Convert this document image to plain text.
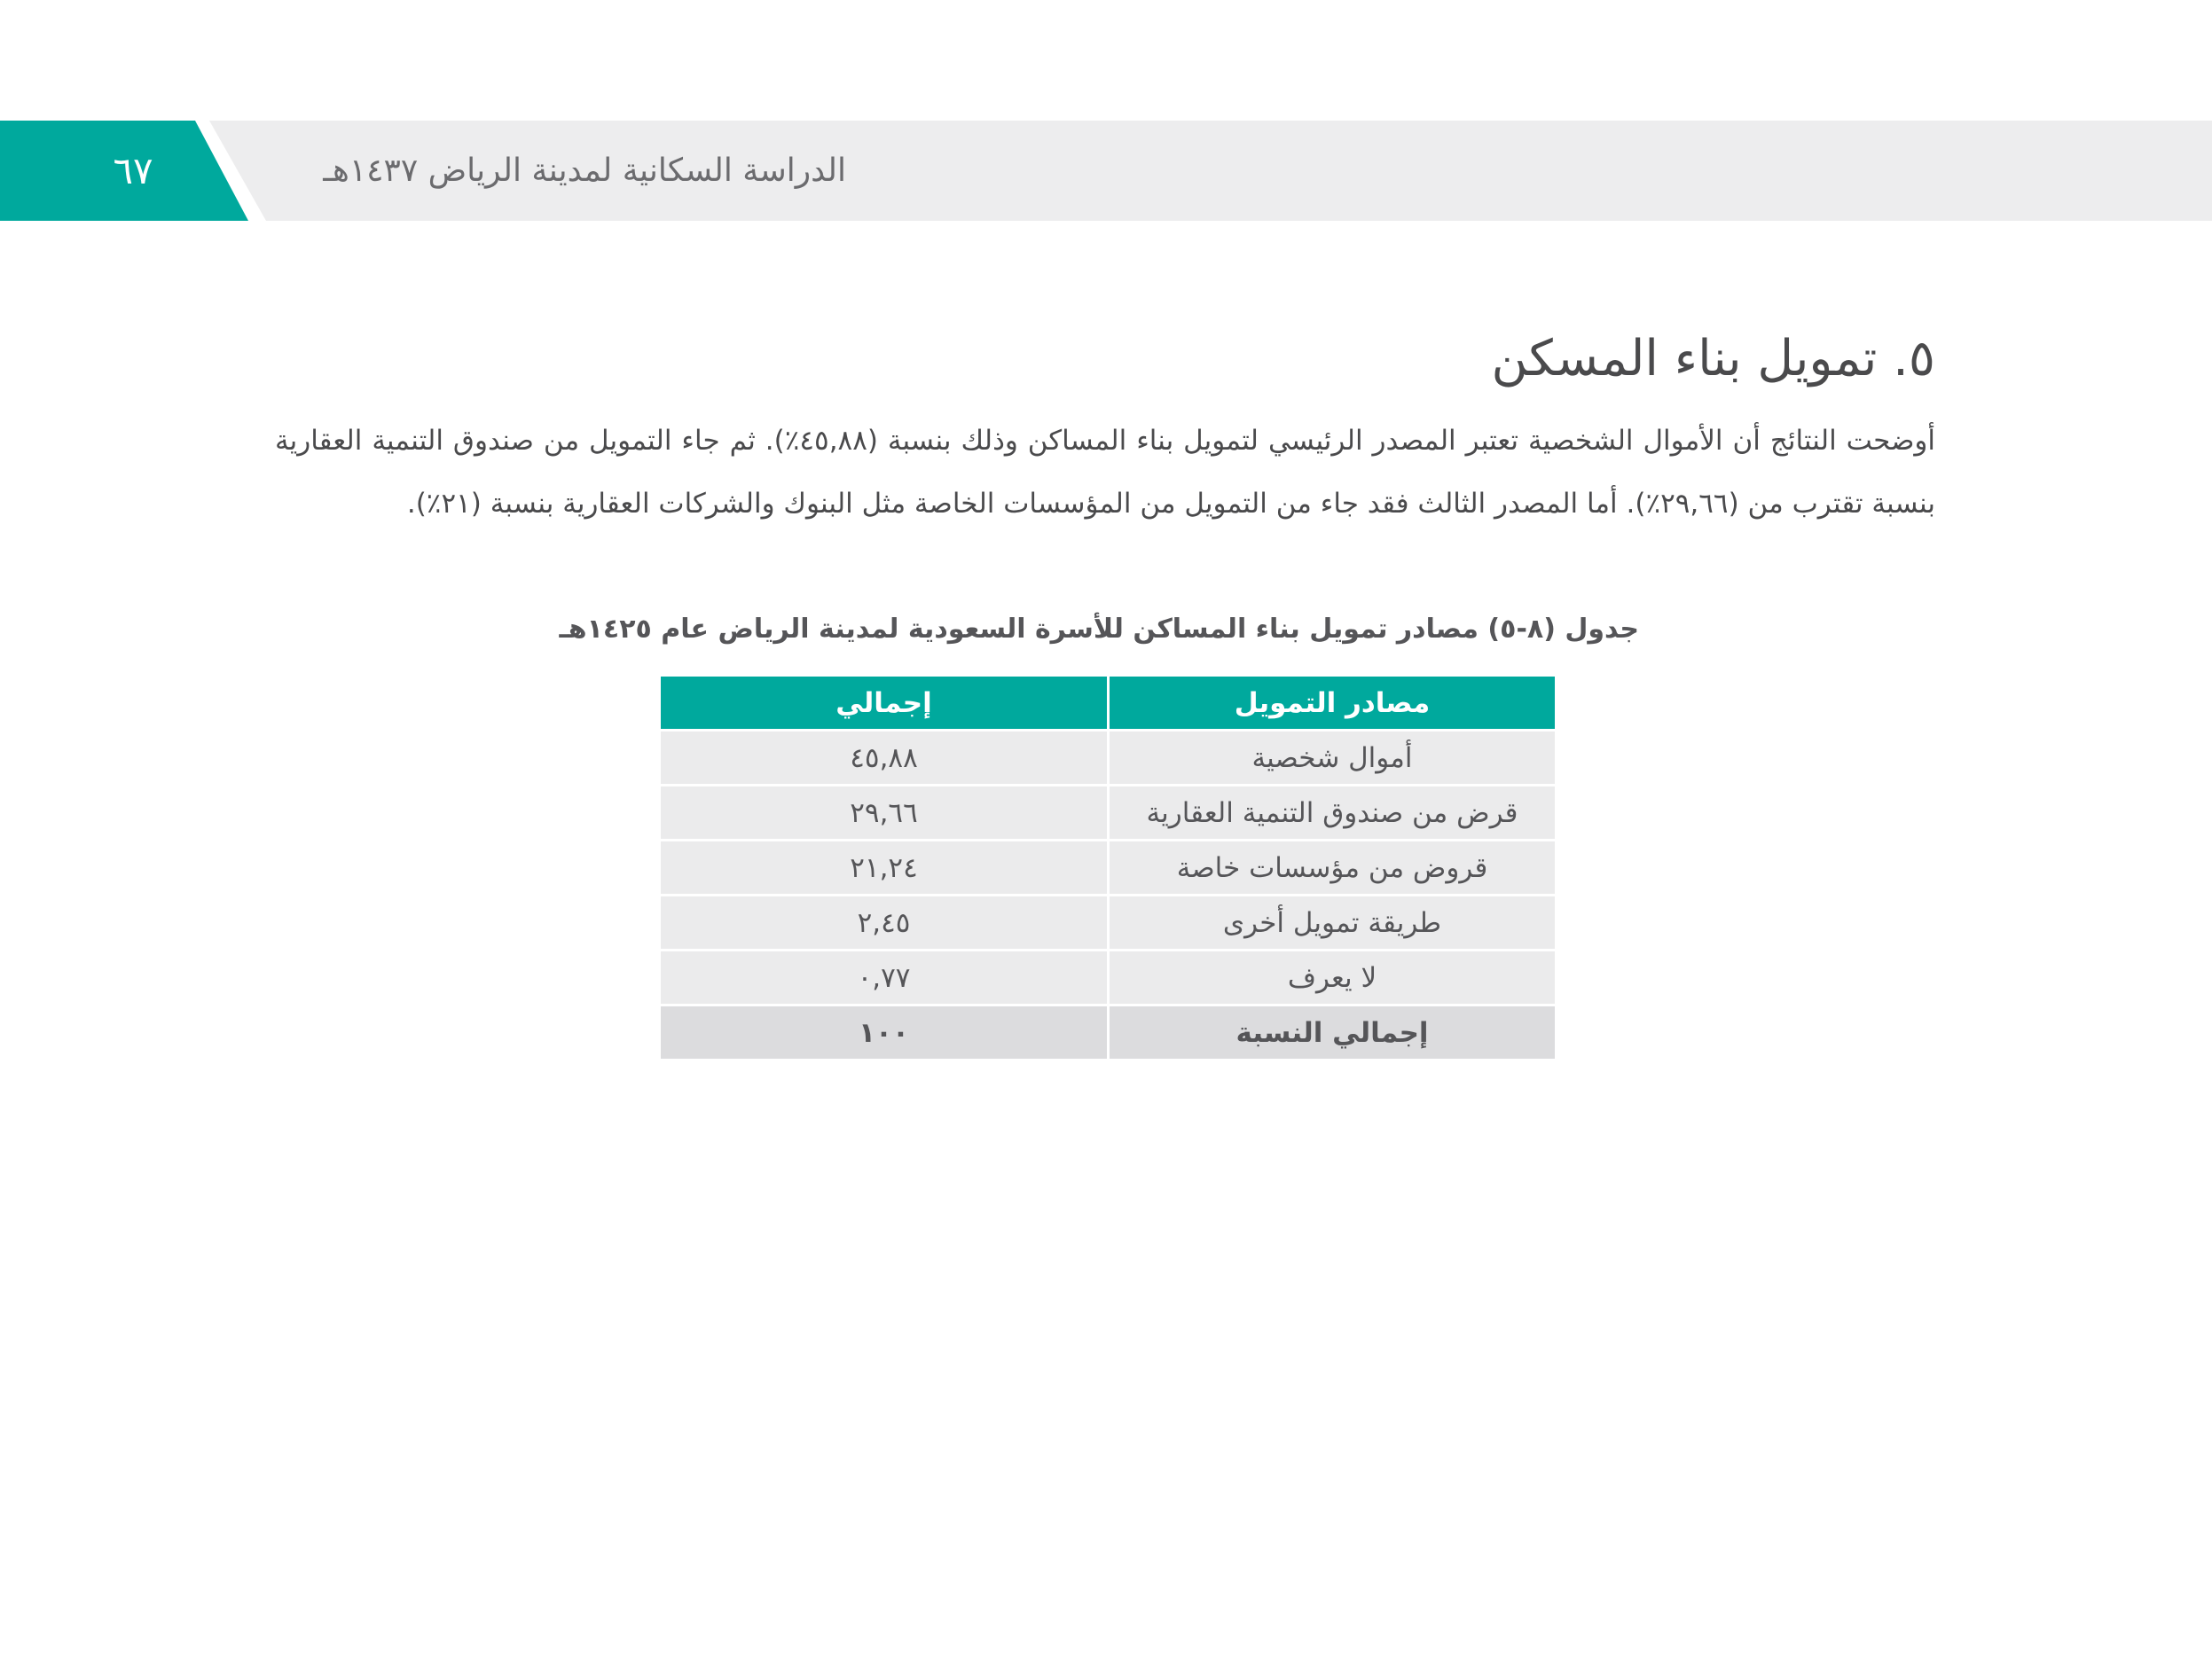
٦٧	الدراسة السكانية لمدينة الرياض ١٤٣٧هـ
٥. تمويل بناء المسكن

أوضحت النتائج أن الأموال الشخصية تعتبر المصدر الرئيسي لتمويل بناء المساكن وذلك بنسبة (٤٥,٨٨٪). ثم جاء التمويل من صندوق التنمية العقارية بنسبة تقترب من (٢٩,٦٦٪). أما المصدر الثالث فقد جاء من التمويل من المؤسسات الخاصة مثل البنوك والشركات العقارية بنسبة (٢١٪).

جدول (٨-٥) مصادر تمويل بناء المساكن للأسرة السعودية لمدينة الرياض عام ١٤٢٥هـ
مصادر التمويل	إجمالي
أموال شخصية	٤٥,٨٨
قرض من صندوق التنمية العقارية	٢٩,٦٦
قروض من مؤسسات خاصة	٢١,٢٤
طريقة تمويل أخرى	٢,٤٥
لا يعرف	٠,٧٧
إجمالي النسبة	١٠٠
